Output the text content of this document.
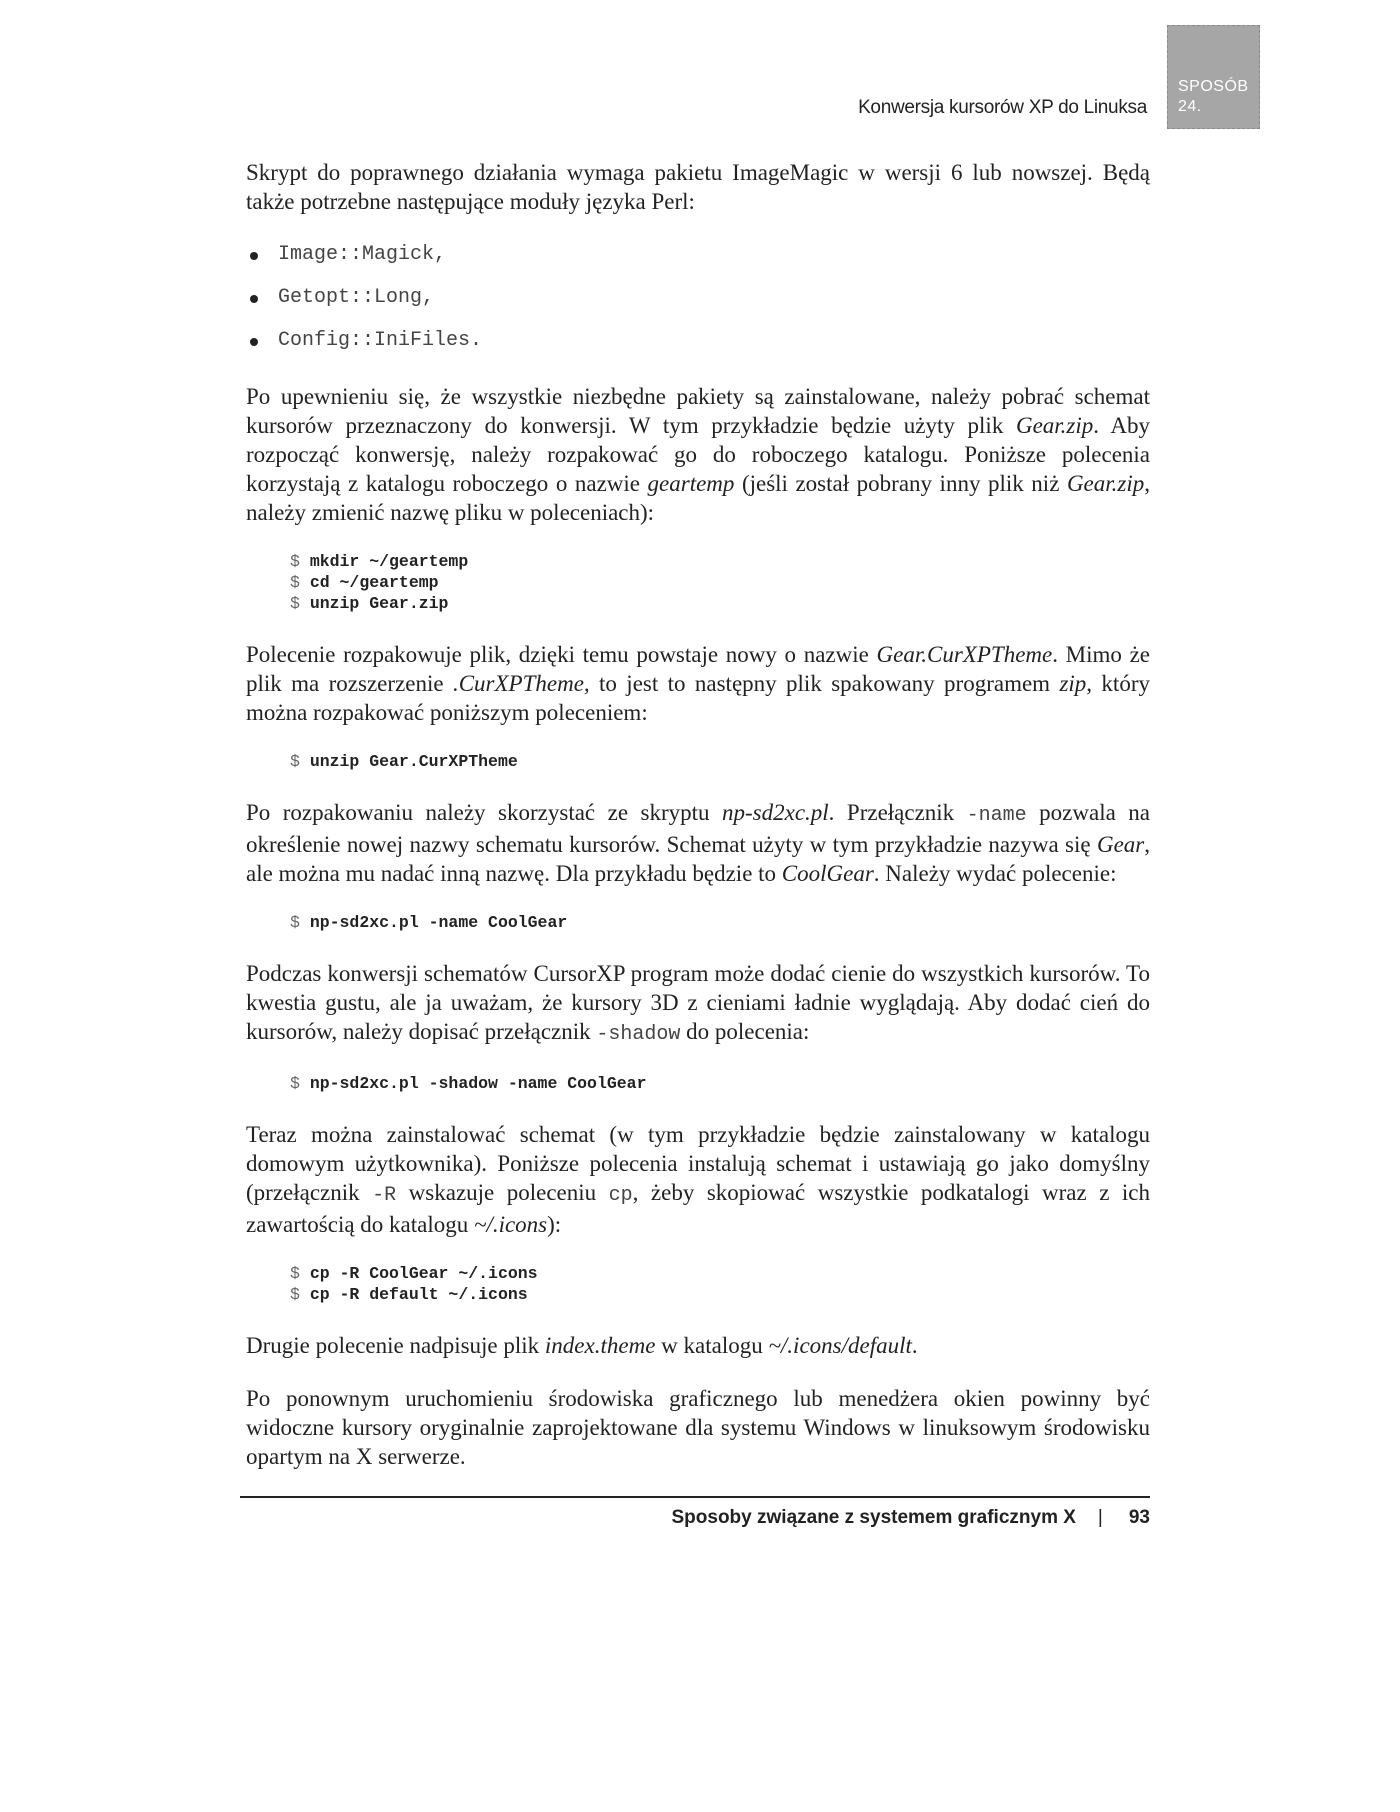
Konwersja kursorów XP do Linuksa
SPOSÓB
24.

Skrypt do poprawnego działania wymaga pakietu ImageMagic w wersji 6 lub nowszej. Będą także potrzebne następujące moduły języka Perl:

Image::Magick,
Getopt::Long,
Config::IniFiles.

Po upewnieniu się, że wszystkie niezbędne pakiety są zainstalowane, należy pobrać schemat kursorów przeznaczony do konwersji. W tym przykładzie będzie użyty plik Gear.zip. Aby rozpocząć konwersję, należy rozpakować go do roboczego katalogu. Poniższe polecenia korzystają z katalogu roboczego o nazwie geartemp (jeśli został pobrany inny plik niż Gear.zip, należy zmienić nazwę pliku w poleceniach):

$ mkdir ~/geartemp
$ cd ~/geartemp
$ unzip Gear.zip

Polecenie rozpakowuje plik, dzięki temu powstaje nowy o nazwie Gear.CurXPTheme. Mimo że plik ma rozszerzenie .CurXPTheme, to jest to następny plik spakowany programem zip, który można rozpakować poniższym poleceniem:

$ unzip Gear.CurXPTheme

Po rozpakowaniu należy skorzystać ze skryptu np-sd2xc.pl. Przełącznik -name pozwala na określenie nowej nazwy schematu kursorów. Schemat użyty w tym przykładzie nazywa się Gear, ale można mu nadać inną nazwę. Dla przykładu będzie to CoolGear. Należy wydać polecenie:

$ np-sd2xc.pl -name CoolGear

Podczas konwersji schematów CursorXP program może dodać cienie do wszystkich kursorów. To kwestia gustu, ale ja uważam, że kursory 3D z cieniami ładnie wyglądają. Aby dodać cień do kursorów, należy dopisać przełącznik -shadow do polecenia:

$ np-sd2xc.pl -shadow -name CoolGear

Teraz można zainstalować schemat (w tym przykładzie będzie zainstalowany w katalogu domowym użytkownika). Poniższe polecenia instalują schemat i ustawiają go jako domyślny (przełącznik -R wskazuje poleceniu cp, żeby skopiować wszystkie podkatalogi wraz z ich zawartością do katalogu ~/.icons):

$ cp -R CoolGear ~/.icons
$ cp -R default ~/.icons

Drugie polecenie nadpisuje plik index.theme w katalogu ~/.icons/default.

Po ponownym uruchomieniu środowiska graficznego lub menedżera okien powinny być widoczne kursory oryginalnie zaprojektowane dla systemu Windows w linuksowym środowisku opartym na X serwerze.

Sposoby związane z systemem graficznym X | 93
